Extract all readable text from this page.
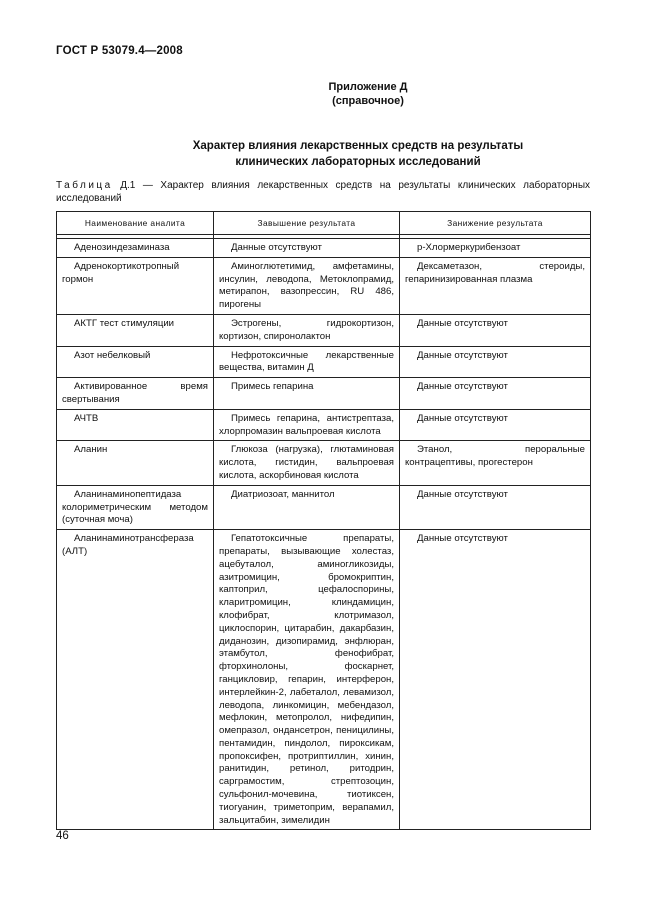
ГОСТ Р 53079.4—2008
Приложение Д
(справочное)
Характер влияния лекарственных средств на результаты
клинических лабораторных исследований
Таблица Д.1 — Характер влияния лекарственных средств на результаты клинических лабораторных исследований
Наименование аналита	Завышение результата	Занижение результата

Аденозиндезаминаза	Данные отсутствуют	p-Хлормеркурибензоат
Адренокортикотропный гормон	Аминоглютетимид, амфетамины, инсулин, леводопа, Метоклопрамид, метирапон, вазопрессин, RU 486, пирогены	Дексаметазон, стероиды, гепаринизированная плазма
АКТГ тест стимуляции	Эстрогены, гидрокортизон, кортизон, спиронолактон	Данные отсутствуют
Азот небелковый	Нефротоксичные лекарственные вещества, витамин Д	Данные отсутствуют
Активированное время свертывания	Примесь гепарина	Данные отсутствуют
АЧТВ	Примесь гепарина, антистрептаза, хлорпромазин вальпроевая кислота	Данные отсутствуют
Аланин	Глюкоза (нагрузка), глютаминовая кислота, гистидин, вальпроевая кислота, аскорбиновая кислота	Этанол, пероральные контрацептивы, прогестерон
Аланинаминопептидаза колориметрическим методом (суточная моча)	Диатриозоат, маннитол	Данные отсутствуют
Аланинаминотрансфераза (АЛТ)	Гепатотоксичные препараты, препараты, вызывающие холестаз, ацебуталол, аминогликозиды, азитромицин, бромокриптин, каптоприл, цефалоспорины, кларитромицин, клиндамицин, клофибрат, клотримазол, циклоспорин, цитарабин, дакарбазин, диданозин, дизопирамид, энфлюран, этамбутол, фенофибрат, фторхинолоны, фоскарнет, ганцикловир, гепарин, интерферон, интерлейкин-2, лабеталол, левамизол, леводопа, линкомицин, мебендазол, мефлокин, метопролол, нифедипин, омепразол, ондансетрон, пеницилины, пентамидин, пиндолол, пироксикам, пропоксифен, протриптиллин, хинин, ранитидин, ретинол, ритодрин, сарграмостим, стрептозоцин, сульфонил-мочевина, тиотиксен, тиогуанин, триметоприм, верапамил, зальцитабин, зимелидин	Данные отсутствуют
46
